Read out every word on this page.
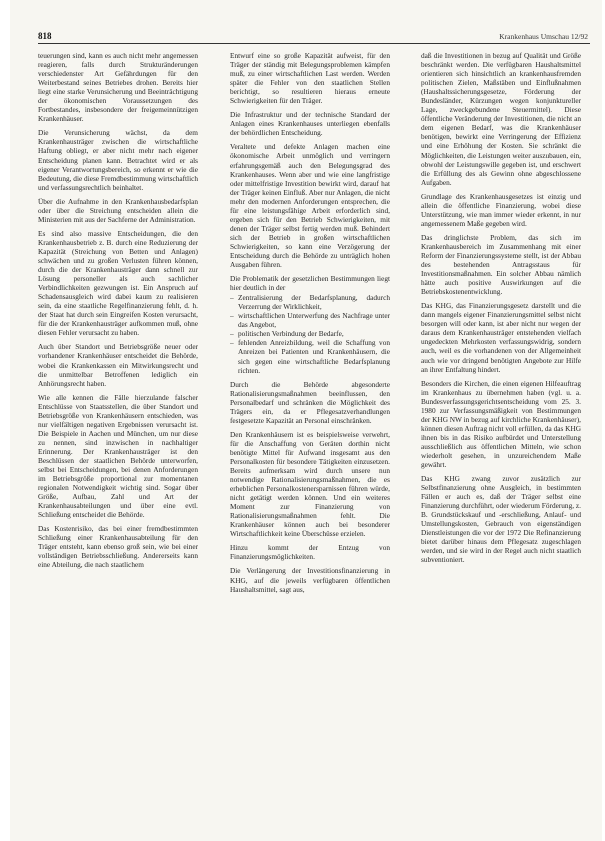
818	Krankenhaus Umschau 12/92

teuerungen sind, kann es auch nicht mehr angemessen reagieren, falls durch Strukturänderungen verschiedenster Art Gefährdungen für den Weiterbestand seines Betriebes drohen. Bereits hier liegt eine starke Verunsicherung und Beeinträchtigung der ökonomischen Voraussetzungen des Fortbestandes, insbesondere der freigemeinnützigen Krankenhäuser.

Die Verunsicherung wächst, da dem Krankenhausträger zwischen die wirtschaftliche Haftung obliegt, er aber nicht mehr nach eigener Entscheidung planen kann. Betrachtet wird er als eigener Verantwortungsbereich, so erkennt er wie die Bedeutung, die diese Fremdbestimmung wirtschaftlich und verfassungsrechtlich beinhaltet.

Über die Aufnahme in den Krankenhausbedarfsplan oder über die Streichung entscheiden allein die Ministerien mit aus der Sachferne der Administration.

Es sind also massive Entscheidungen, die den Krankenhausbetrieb z. B. durch eine Reduzierung der Kapazität (Streichung von Betten und Anlagen) schwächen und zu großen Verlusten führen können, durch die der Krankenhausträger dann schnell zur Lösung personeller als auch sachlicher Verbindlichkeiten gezwungen ist. Ein Anspruch auf Schadensausgleich wird dabei kaum zu realisieren sein, da eine staatliche Regelfinanzierung fehlt, d. h. der Staat hat durch sein Eingreifen Kosten verursacht, für die der Krankenhausträger aufkommen muß, ohne diesen Fehler verursacht zu haben.

Auch über Standort und Betriebsgröße neuer oder vorhandener Krankenhäuser entscheidet die Behörde, wobei die Krankenkassen ein Mitwirkungsrecht und die unmittelbar Betroffenen lediglich ein Anhörungsrecht haben.

Wie alle kennen die Fälle hierzulande falscher Entschlüsse von Staatsstellen, die über Standort und Betriebsgröße von Krankenhäusern entschieden, was nur vielfältigen negativen Ergebnissen verursacht ist. Die Beispiele in Aachen und München, um nur diese zu nennen, sind inzwischen in nachhaltiger Erinnerung. Der Krankenhausträger ist den Beschlüssen der staatlichen Behörde unterworfen, selbst bei Entscheidungen, bei denen Anforderungen im Betriebsgröße proportional zur momentanen regionalen Notwendigkeit wichtig sind. Sogar über Größe, Aufbau, Zahl und Art der Krankenhausabteilungen und über eine evtl. Schließung entscheidet die Behörde.

Das Kostenrisiko, das bei einer fremdbestimmten Schließung einer Krankenhausabteilung für den Träger entsteht, kann ebenso groß sein, wie bei einer vollständigen Betriebsschließung. Andererseits kann eine Abteilung, die nach staatlichem

Entwurf eine so große Kapazität aufweist, für den Träger der ständig mit Belegungsproblemen kämpfen muß, zu einer wirtschaftlichen Last werden. Werden später die Fehler von den staatlichen Stellen berichtigt, so resultieren hieraus erneute Schwierigkeiten für den Träger.

Die Infrastruktur und der technische Standard der Anlagen eines Krankenhauses unterliegen ebenfalls der behördlichen Entscheidung.

Veraltete und defekte Anlagen machen eine ökonomische Arbeit unmöglich und verringern erfahrungsgemäß auch den Belegungsgrad des Krankenhauses. Wenn aber und wie eine langfristige oder mittelfristige Investition bewirkt wird, darauf hat der Träger keinen Einfluß. Aber nur Anlagen, die nicht mehr den modernen Anforderungen entsprechen, die für eine leistungsfähige Arbeit erforderlich sind, ergeben sich für den Betrieb Schwierigkeiten, mit denen der Träger selbst fertig werden muß. Behindert sich der Betrieb in großen wirtschaftlichen Schwierigkeiten, so kann eine Verzögerung der Entscheidung durch die Behörde zu unträglich hohen Ausgaben führen.

Die Problematik der gesetzlichen Bestimmungen liegt hier deutlich in der

– Zentralisierung der Bedarfsplanung, dadurch Verzerrung der Wirklichkeit,
– wirtschaftlichen Unterwerfung des Nachfrage unter das Angebot,
– politischen Verbindung der Bedarfe,
– fehlenden Anreizbildung, weil die Schaffung von Anreizen bei Patienten und Krankenhäusern, die sich gegen eine wirtschaftliche Bedarfsplanung richten.

Durch die Behörde abgesonderte Rationalisierungsmaßnahmen beeinflussen, den Personalbedarf und schränken die Möglichkeit des Trägers ein, da er Pflegesatzverhandlungen festgesetzte Kapazität an Personal einschränken.

Den Krankenhäusern ist es beispielsweise verwehrt, für die Anschaffung von Geräten dorthin nicht benötigte Mittel für Aufwand insgesamt aus den Personalkosten für besondere Tätigkeiten einzusetzen. Bereits aufmerksam wird durch unsere nun notwendige Rationalisierungsmaßnahmen, die es erheblichen Personalkostenersparnissen führen würde, nicht getätigt werden können. Und ein weiteres Moment zur Finanzierung von Rationalisierungsmaßnahmen fehlt. Die Krankenhäuser können auch bei besonderer Wirtschaftlichkeit keine Überschüsse erzielen.

Hinzu kommt der Entzug von Finanzierungsmöglichkeiten.

Die Verlängerung der Investitionsfinanzierung in KHG, auf die jeweils verfügbaren öffentlichen Haushaltsmittel, sagt aus,

daß die Investitionen in bezug auf Qualität und Größe beschränkt werden. Die verfügbaren Haushaltsmittel orientieren sich hinsichtlich an krankenhausfremden politischen Zielen, Maßstäben und Einflußnahmen (Haushaltssicherungsgesetze, Förderung der Bundesländer, Kürzungen wegen konjunktureller Lage, zweckgebundene Steuermittel). Diese öffentliche Veränderung der Investitionen, die nicht an dem eigenen Bedarf, was die Krankenhäuser benötigen, bewirkt eine Verringerung der Effizienz und eine Erhöhung der Kosten. Sie schränkt die Möglichkeiten, die Leistungen weiter auszubauen, ein, obwohl der Leistungswille gegeben ist, und erschwert die Erfüllung des als Gewinn ohne abgeschlossene Aufgaben.

Grundlage des Krankenhausgesetzes ist einzig und allein die öffentliche Finanzierung, wobei diese Unterstützung, wie man immer wieder erkennt, in nur angemessenem Maße gegeben wird.

Das dringlichste Problem, das sich im Krankenhausbereich im Zusammenhang mit einer Reform der Finanzierungssysteme stellt, ist der Abbau des bestehenden Antragsstaus für Investitionsmaßnahmen. Ein solcher Abbau nämlich hätte auch positive Auswirkungen auf die Betriebskostenentwicklung.

Das KHG, das Finanzierungsgesetz darstellt und die dann mangels eigener Finanzierungsmittel selbst nicht besorgen will oder kann, ist aber nicht nur wegen der daraus dem Krankenhausträger entstehenden vielfach ungedeckten Mehrkosten verfassungswidrig, sondern auch, weil es die vorhandenen von der Allgemeinheit auch wie vor dringend benötigten Angebote zur Hilfe an ihrer Entfaltung hindert.

Besonders die Kirchen, die einen eigenen Hilfeauftrag im Krankenhaus zu übernehmen haben (vgl. u. a. Bundesverfassungsgerichtsentscheidung vom 25. 3. 1980 zur Verfassungsmäßigkeit von Bestimmungen der KHG NW in bezug auf kirchliche Krankenhäuser), können diesen Auftrag nicht voll erfüllen, da das KHG ihnen bis in das Risiko aufbürdet und Unterstellung ausschließlich aus öffentlichen Mitteln, wie schon wiederholt gesehen, in unzureichendem Maße gewährt.

Das KHG zwang zuvor zusätzlich zur Selbstfinanzierung ohne Ausgleich, in bestimmten Fällen er auch es, daß der Träger selbst eine Finanzierung durchführt, oder wiederum Förderung, z. B. Grundstückskauf und -erschließung, Anlauf- und Umstellungskosten, Gebrauch von eigenständigen Dienstleistungen die vor der 1972 Die Refinanzierung bietet darüber hinaus dem Pflegesatz zugeschlagen werden, und sie wird in der Regel auch nicht staatlich subventioniert.
